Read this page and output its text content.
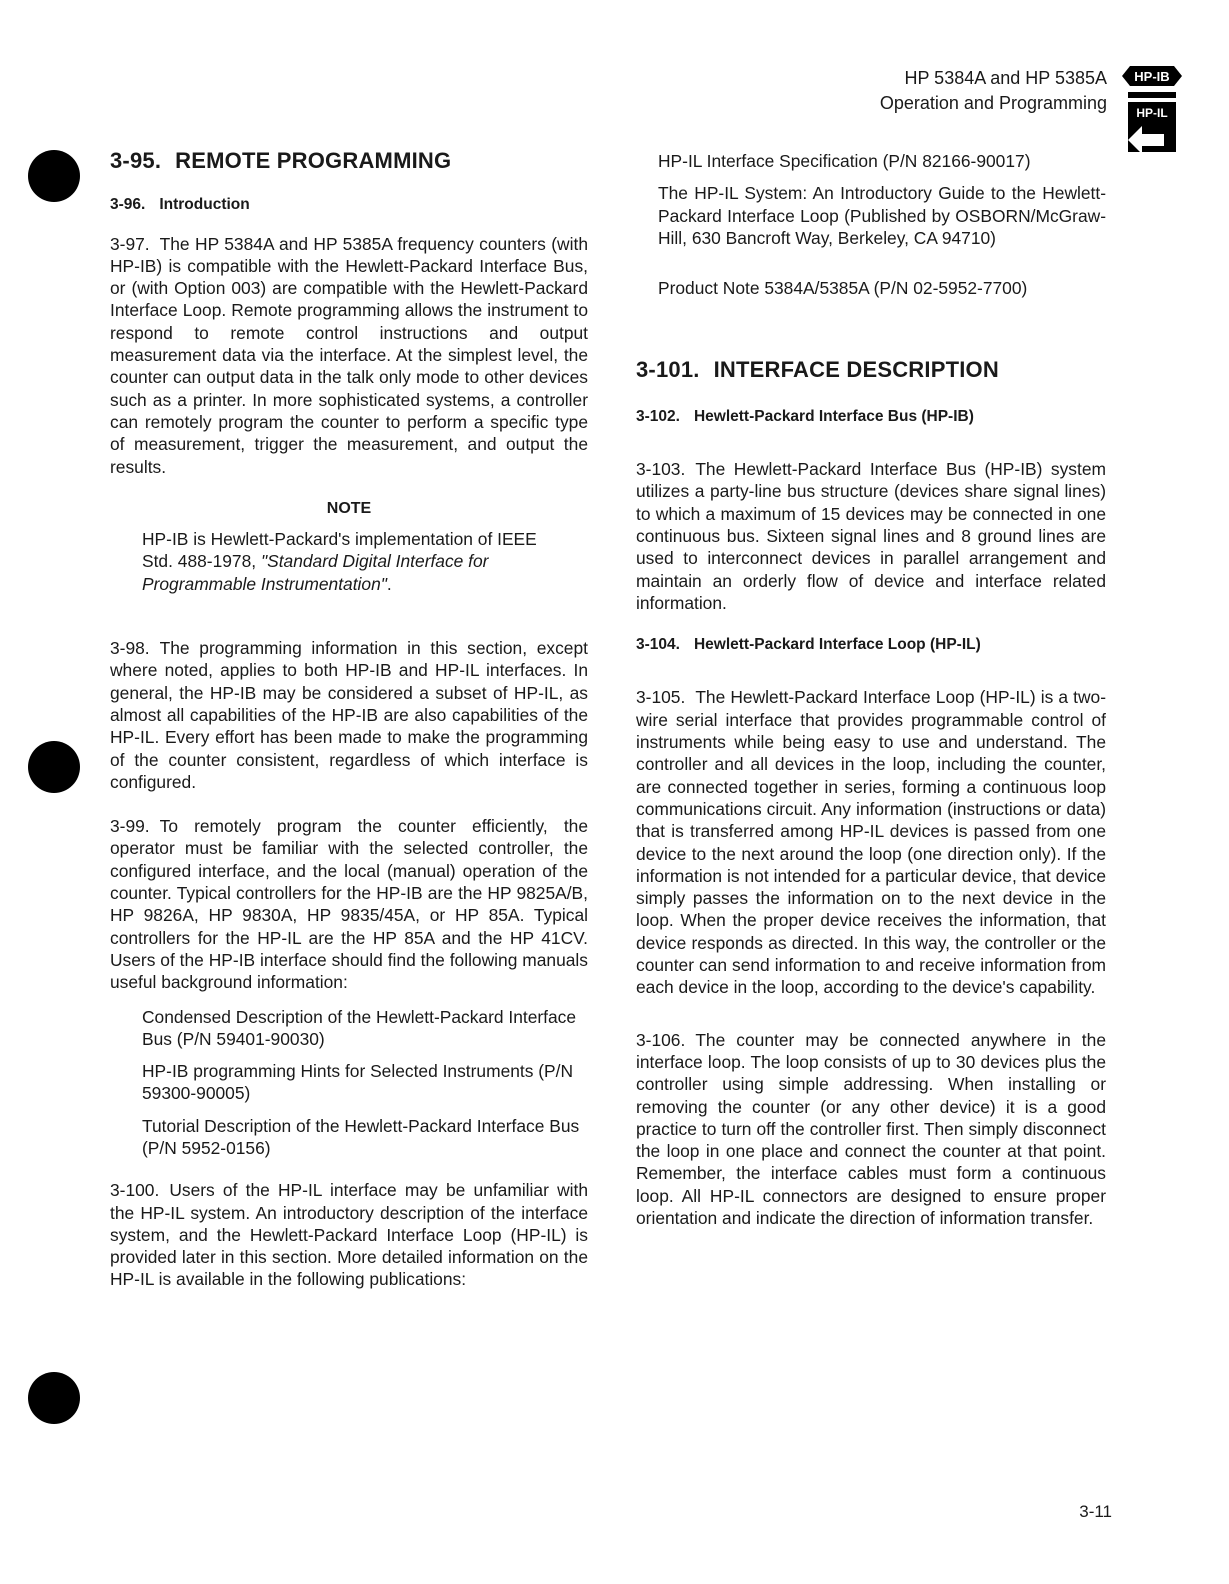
HP 5384A and HP 5385A
Operation and Programming
HP-IB
HP-IL
3-95. REMOTE PROGRAMMING
3-96. Introduction

3-97. The HP 5384A and HP 5385A frequency counters (with HP-IB) is compatible with the Hewlett-Packard Interface Bus, or (with Option 003) are compatible with the Hewlett-Packard Interface Loop. Remote programming allows the instrument to respond to remote control instructions and output measurement data via the interface. At the simplest level, the counter can output data in the talk only mode to other devices such as a printer. In more sophisticated systems, a controller can remotely program the counter to perform a specific type of measurement, trigger the measurement, and output the results.

NOTE

HP-IB is Hewlett-Packard's implementation of IEEE Std. 488-1978, "Standard Digital Interface for Programmable Instrumentation".

3-98. The programming information in this section, except where noted, applies to both HP-IB and HP-IL interfaces. In general, the HP-IB may be considered a subset of HP-IL, as almost all capabilities of the HP-IB are also capabilities of the HP-IL. Every effort has been made to make the programming of the counter consistent, regardless of which interface is configured.

3-99. To remotely program the counter efficiently, the operator must be familiar with the selected controller, the configured interface, and the local (manual) operation of the counter. Typical controllers for the HP-IB are the HP 9825A/B, HP 9826A, HP 9830A, HP 9835/45A, or HP 85A. Typical controllers for the HP-IL are the HP 85A and the HP 41CV. Users of the HP-IB interface should find the following manuals useful background information:

Condensed Description of the Hewlett-Packard Interface Bus (P/N 59401-90030)

HP-IB programming Hints for Selected Instruments (P/N 59300-90005)

Tutorial Description of the Hewlett-Packard Interface Bus (P/N 5952-0156)

3-100. Users of the HP-IL interface may be unfamiliar with the HP-IL system. An introductory description of the interface system, and the Hewlett-Packard Interface Loop (HP-IL) is provided later in this section. More detailed information on the HP-IL is available in the following publications:

HP-IL Interface Specification (P/N 82166-90017)

The HP-IL System: An Introductory Guide to the Hewlett-Packard Interface Loop (Published by OSBORN/McGraw-Hill, 630 Bancroft Way, Berkeley, CA 94710)

Product Note 5384A/5385A (P/N 02-5952-7700)

3-101. INTERFACE DESCRIPTION
3-102. Hewlett-Packard Interface Bus (HP-IB)

3-103. The Hewlett-Packard Interface Bus (HP-IB) system utilizes a party-line bus structure (devices share signal lines) to which a maximum of 15 devices may be connected in one continuous bus. Sixteen signal lines and 8 ground lines are used to interconnect devices in parallel arrangement and maintain an orderly flow of device and interface related information.

3-104. Hewlett-Packard Interface Loop (HP-IL)

3-105. The Hewlett-Packard Interface Loop (HP-IL) is a two-wire serial interface that provides programmable control of instruments while being easy to use and understand. The controller and all devices in the loop, including the counter, are connected together in series, forming a continuous loop communications circuit. Any information (instructions or data) that is transferred among HP-IL devices is passed from one device to the next around the loop (one direction only). If the information is not intended for a particular device, that device simply passes the information on to the next device in the loop. When the proper device receives the information, that device responds as directed. In this way, the controller or the counter can send information to and receive information from each device in the loop, according to the device's capability.

3-106. The counter may be connected anywhere in the interface loop. The loop consists of up to 30 devices plus the controller using simple addressing. When installing or removing the counter (or any other device) it is a good practice to turn off the controller first. Then simply disconnect the loop in one place and connect the counter at that point. Remember, the interface cables must form a continuous loop. All HP-IL connectors are designed to ensure proper orientation and indicate the direction of information transfer.

3-11
